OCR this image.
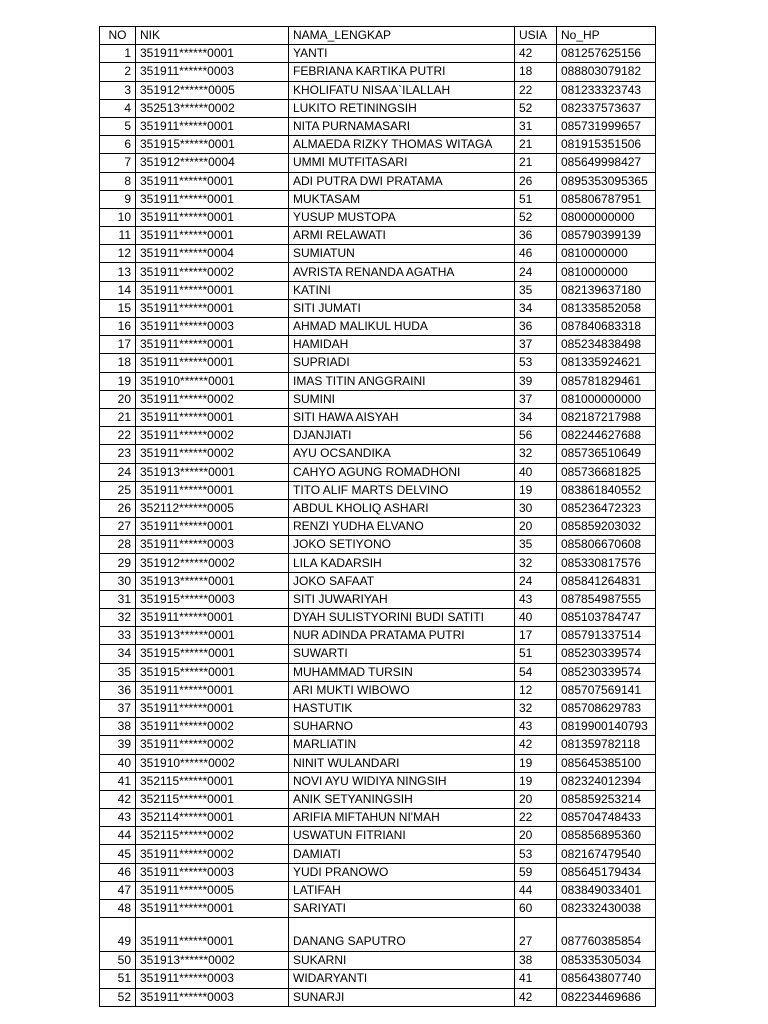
NO	NIK	NAMA_LENGKAP	USIA	No_HP
1	351911******0001	YANTI	42	081257625156
2	351911******0003	FEBRIANA KARTIKA PUTRI	18	088803079182
3	351912******0005	KHOLIFATU NISAA`ILALLAH	22	081233323743
4	352513******0002	LUKITO RETININGSIH	52	082337573637
5	351911******0001	NITA PURNAMASARI	31	085731999657
6	351915******0001	ALMAEDA RIZKY THOMAS WITAGA	21	081915351506
7	351912******0004	UMMI MUTFITASARI	21	085649998427
8	351911******0001	ADI PUTRA DWI PRATAMA	26	0895353095365
9	351911******0001	MUKTASAM	51	085806787951
10	351911******0001	YUSUP MUSTOPA	52	08000000000
11	351911******0001	ARMI RELAWATI	36	085790399139
12	351911******0004	SUMIATUN	46	0810000000
13	351911******0002	AVRISTA RENANDA AGATHA	24	0810000000
14	351911******0001	KATINI	35	082139637180
15	351911******0001	SITI JUMATI	34	081335852058
16	351911******0003	AHMAD MALIKUL HUDA	36	087840683318
17	351911******0001	HAMIDAH	37	085234838498
18	351911******0001	SUPRIADI	53	081335924621
19	351910******0001	IMAS TITIN ANGGRAINI	39	085781829461
20	351911******0002	SUMINI	37	081000000000
21	351911******0001	SITI HAWA AISYAH	34	082187217988
22	351911******0002	DJANJIATI	56	082244627688
23	351911******0002	AYU OCSANDIKA	32	085736510649
24	351913******0001	CAHYO AGUNG ROMADHONI	40	085736681825
25	351911******0001	TITO ALIF MARTS DELVINO	19	083861840552
26	352112******0005	ABDUL KHOLIQ ASHARI	30	085236472323
27	351911******0001	RENZI YUDHA ELVANO	20	085859203032
28	351911******0003	JOKO SETIYONO	35	085806670608
29	351912******0002	LILA KADARSIH	32	085330817576
30	351913******0001	JOKO SAFAAT	24	085841264831
31	351915******0003	SITI JUWARIYAH	43	087854987555
32	351911******0001	DYAH SULISTYORINI BUDI SATITI	40	085103784747
33	351913******0001	NUR ADINDA PRATAMA PUTRI	17	085791337514
34	351915******0001	SUWARTI	51	085230339574
35	351915******0001	MUHAMMAD TURSIN	54	085230339574
36	351911******0001	ARI MUKTI WIBOWO	12	085707569141
37	351911******0001	HASTUTIK	32	085708629783
38	351911******0002	SUHARNO	43	0819900140793
39	351911******0002	MARLIATIN	42	081359782118
40	351910******0002	NINIT WULANDARI	19	085645385100
41	352115******0001	NOVI AYU WIDIYA NINGSIH	19	082324012394
42	352115******0001	ANIK SETYANINGSIH	20	085859253214
43	352114******0001	ARIFIA MIFTAHUN NI'MAH	22	085704748433
44	352115******0002	USWATUN FITRIANI	20	085856895360
45	351911******0002	DAMIATI	53	082167479540
46	351911******0003	YUDI PRANOWO	59	085645179434
47	351911******0005	LATIFAH	44	083849033401
48	351911******0001	SARIYATI	60	082332430038
49	351911******0001	DANANG SAPUTRO	27	087760385854
50	351913******0002	SUKARNI	38	085335305034
51	351911******0003	WIDARYANTI	41	085643807740
52	351911******0003	SUNARJI	42	082234469686
